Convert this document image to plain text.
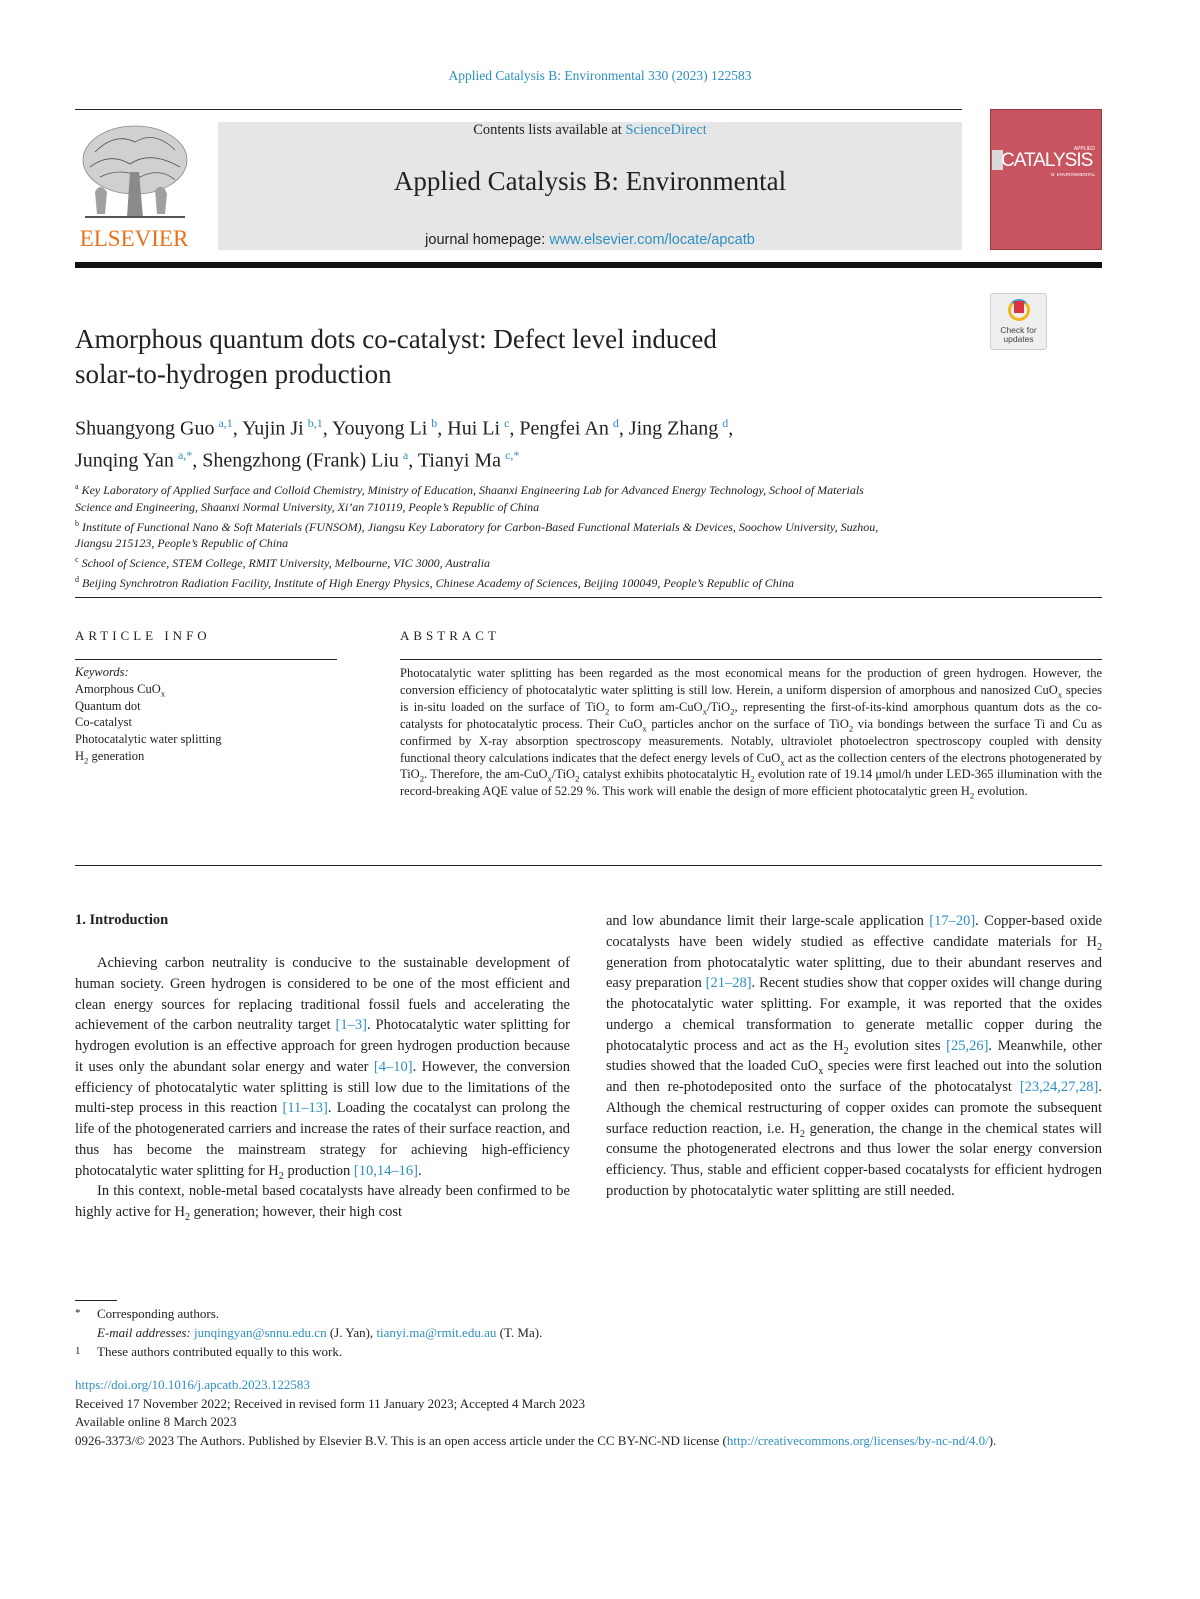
Applied Catalysis B: Environmental 330 (2023) 122583
ELSEVIER
Contents lists available at ScienceDirect
Applied Catalysis B: Environmental
journal homepage: www.elsevier.com/locate/apcatb
APPLIED
CATALYSIS
B: ENVIRONMENTAL
Amorphous quantum dots co-catalyst: Defect level induced
solar-to-hydrogen production
Check for
updates
Shuangyong Guo  $^{a,1}$, Yujin Ji  $^{b,1}$, Youyong Li  $^b$, Hui Li  $^c$, Pengfei An  $^d$, Jing Zhang  $^d$,
Junqing Yan  $^{a,*}$, Shengzhong (Frank) Liu  $^a$, Tianyi Ma  $^{c,*}$
$^a$ Key Laboratory of Applied Surface and Colloid Chemistry, Ministry of Education, Shaanxi Engineering Lab for Advanced Energy Technology, School of Materials
Science and Engineering, Shaanxi Normal University, Xi’an 710119, People’s Republic of China
$^b$ Institute of Functional Nano & Soft Materials (FUNSOM), Jiangsu Key Laboratory for Carbon-Based Functional Materials & Devices, Soochow University, Suzhou,
Jiangsu 215123, People’s Republic of China
$^c$ School of Science, STEM College, RMIT University, Melbourne, VIC 3000, Australia
$^d$ Beijing Synchrotron Radiation Facility, Institute of High Energy Physics, Chinese Academy of Sciences, Beijing 100049, People’s Republic of China
ARTICLE INFO	ABSTRACT
Keywords:
Amorphous CuO$_x$
Quantum dot
Co-catalyst
Photocatalytic water splitting
$H_2$ generation
Photocatalytic water splitting has been regarded as the most economical means for the production of green hydrogen. However, the conversion efficiency of photocatalytic water splitting is still low. Herein, a uniform dispersion of amorphous and nanosized CuO$_x$ species is in-situ loaded on the surface of TiO$_2$ to form am-CuO$_x$/TiO$_2$, representing the first-of-its-kind amorphous quantum dots as the co-catalysts for photocatalytic process. Their CuO$_x$ particles anchor on the surface of TiO$_2$ via bondings between the surface Ti and Cu as confirmed by X-ray absorption spectroscopy measurements. Notably, ultraviolet photoelectron spectroscopy coupled with density functional theory calculations indicates that the defect energy levels of CuO$_x$ act as the collection centers of the electrons photogenerated by TiO$_2$. Therefore, the am-CuO$_x$/TiO$_2$ catalyst exhibits photocatalytic $H_2$ evolution rate of 19.14 μmol/h under LED-365 illumination with the record-breaking AQE value of 52.29 %. This work will enable the design of more efficient photocatalytic green $H_2$ evolution.
1. Introduction

Achieving carbon neutrality is conducive to the sustainable development of human society. Green hydrogen is considered to be one of the most efficient and clean energy sources for replacing traditional fossil fuels and accelerating the achievement of the carbon neutrality target [1–3]. Photocatalytic water splitting for hydrogen evolution is an effective approach for green hydrogen production because it uses only the abundant solar energy and water [4–10]. However, the conversion efficiency of photocatalytic water splitting is still low due to the limitations of the multi-step process in this reaction [11–13]. Loading the cocatalyst can prolong the life of the photogenerated carriers and increase the rates of their surface reaction, and thus has become the mainstream strategy for achieving high-efficiency photocatalytic water splitting for $H_2$ production [10,14–16].

In this context, noble-metal based cocatalysts have already been confirmed to be highly active for $H_2$ generation; however, their high cost

and low abundance limit their large-scale application [17–20]. Copper-based oxide cocatalysts have been widely studied as effective candidate materials for $H_2$ generation from photocatalytic water splitting, due to their abundant reserves and easy preparation [21–28]. Recent studies show that copper oxides will change during the photocatalytic water splitting. For example, it was reported that the oxides undergo a chemical transformation to generate metallic copper during the photocatalytic process and act as the $H_2$ evolution sites [25,26]. Meanwhile, other studies showed that the loaded CuO$_x$ species were first leached out into the solution and then re-photodeposited onto the surface of the photocatalyst [23,24,27,28]. Although the chemical restructuring of copper oxides can promote the subsequent surface reduction reaction, i.e. $H_2$ generation, the change in the chemical states will consume the photogenerated electrons and thus lower the solar energy conversion efficiency. Thus, stable and efficient copper-based cocatalysts for efficient hydrogen production by photocatalytic water splitting are still needed.

* Corresponding authors.
E-mail addresses: junqingyan@snnu.edu.cn (J. Yan), tianyi.ma@rmit.edu.au (T. Ma).
1 These authors contributed equally to this work.
https://doi.org/10.1016/j.apcatb.2023.122583
Received 17 November 2022; Received in revised form 11 January 2023; Accepted 4 March 2023
Available online 8 March 2023
0926-3373/© 2023 The Authors. Published by Elsevier B.V. This is an open access article under the CC BY-NC-ND license (http://creativecommons.org/licenses/by-nc-nd/4.0/).
